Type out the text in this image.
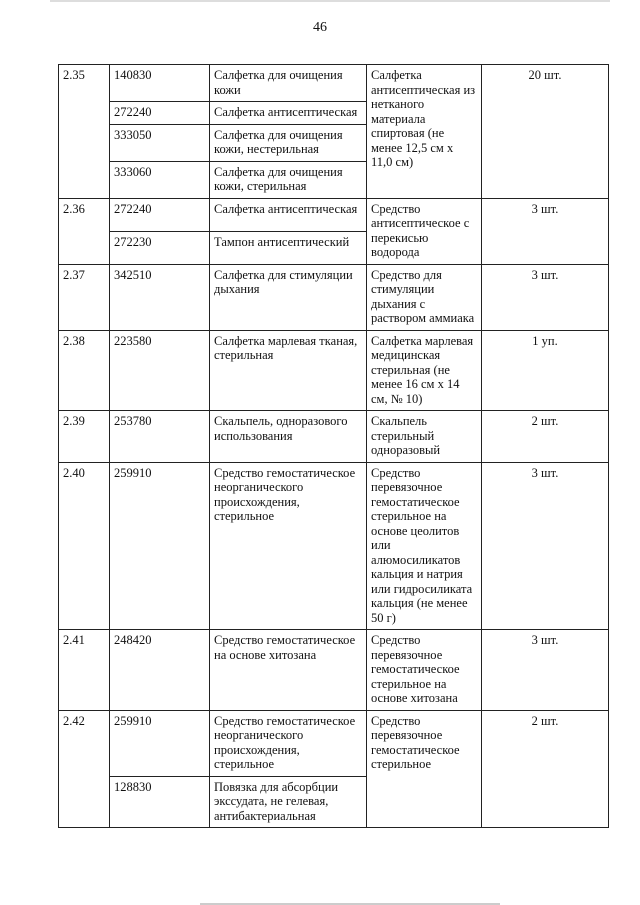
46
2.35	140830	Салфетка для очищения кожи	Салфетка антисептическая из нетканого материала спиртовая (не менее 12,5 см х 11,0 см)	20 шт.
	272240	Салфетка антисептическая		
	333050	Салфетка для очищения кожи, нестерильная		
	333060	Салфетка для очищения кожи, стерильная		
2.36	272240	Салфетка антисептическая	Средство антисептическое с перекисью водорода	3 шт.
	272230	Тампон антисептический		
2.37	342510	Салфетка для стимуляции дыхания	Средство для стимуляции дыхания с раствором аммиака	3 шт.
2.38	223580	Салфетка марлевая тканая, стерильная	Салфетка марлевая медицинская стерильная (не менее 16 см х 14 см, № 10)	1 уп.
2.39	253780	Скальпель, одноразового использования	Скальпель стерильный одноразовый	2 шт.
2.40	259910	Средство гемостатическое неорганического происхождения, стерильное	Средство перевязочное гемостатическое стерильное на основе цеолитов или алюмосиликатов кальция и натрия или гидросиликата кальция (не менее 50 г)	3 шт.
2.41	248420	Средство гемостатическое на основе хитозана	Средство перевязочное гемостатическое стерильное на основе хитозана	3 шт.
2.42	259910	Средство гемостатическое неорганического происхождения, стерильное	Средство перевязочное гемостатическое стерильное	2 шт.
	128830	Повязка для абсорбции экссудата, не гелевая, антибактериальная		
